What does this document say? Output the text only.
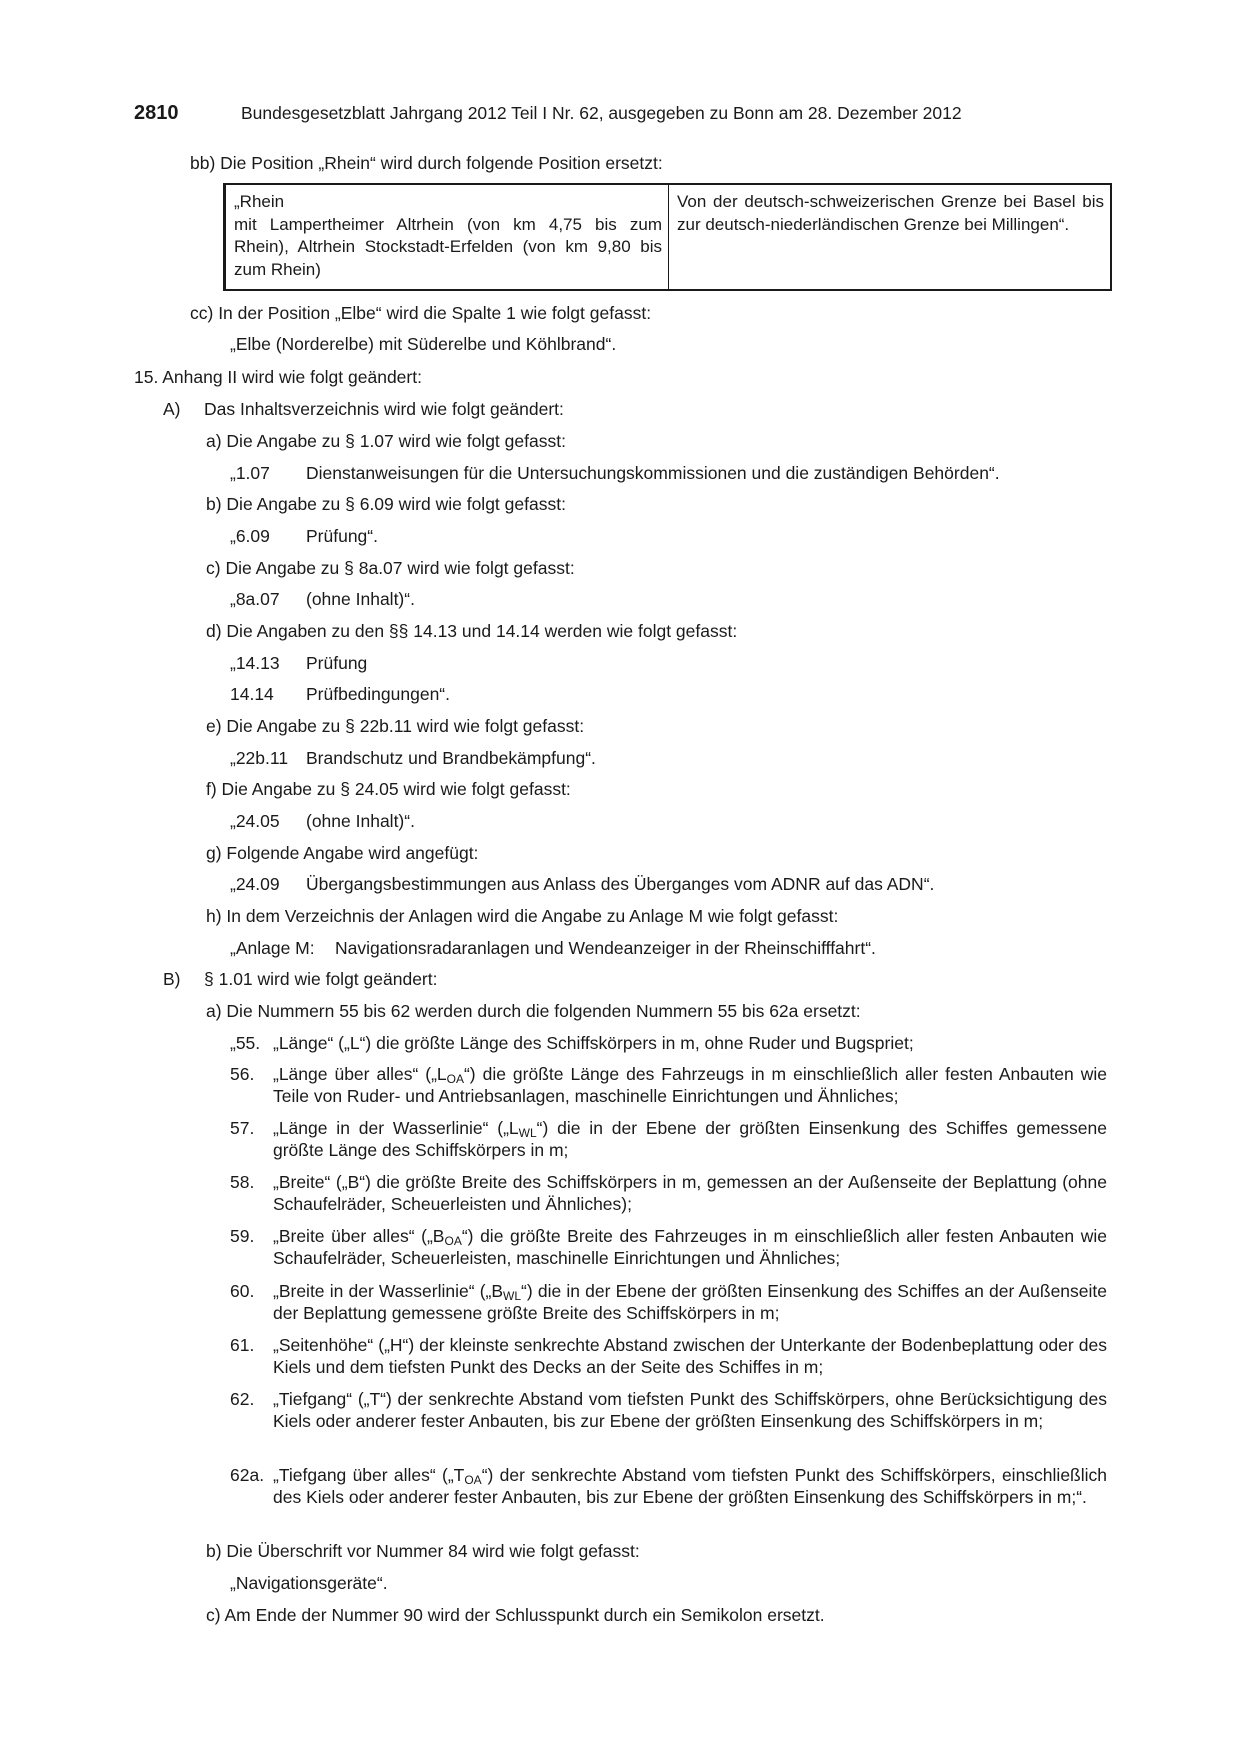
2810	Bundesgesetzblatt Jahrgang 2012 Teil I Nr. 62, ausgegeben zu Bonn am 28. Dezember 2012
bb) Die Position „Rhein“ wird durch folgende Position ersetzt:
„Rhein
mit Lampertheimer Altrhein (von km 4,75 bis zum Rhein), Altrhein Stockstadt-Erfelden (von km 9,80 bis zum Rhein)
	Von der deutsch-schweizerischen Grenze bei Basel bis zur deutsch-niederländischen Grenze bei Millingen“.
cc) In der Position „Elbe“ wird die Spalte 1 wie folgt gefasst:
„Elbe (Norderelbe) mit Süderelbe und Köhlbrand“.
15. Anhang II wird wie folgt geändert:
A) Das Inhaltsverzeichnis wird wie folgt geändert:
a) Die Angabe zu § 1.07 wird wie folgt gefasst:
„1.07 Dienstanweisungen für die Untersuchungskommissionen und die zuständigen Behörden“.
b) Die Angabe zu § 6.09 wird wie folgt gefasst:
„6.09 Prüfung“.
c) Die Angabe zu § 8a.07 wird wie folgt gefasst:
„8a.07 (ohne Inhalt)“.
d) Die Angaben zu den §§ 14.13 und 14.14 werden wie folgt gefasst:
„14.13 Prüfung
14.14 Prüfbedingungen“.
e) Die Angabe zu § 22b.11 wird wie folgt gefasst:
„22b.11 Brandschutz und Brandbekämpfung“.
f) Die Angabe zu § 24.05 wird wie folgt gefasst:
„24.05 (ohne Inhalt)“.
g) Folgende Angabe wird angefügt:
„24.09 Übergangsbestimmungen aus Anlass des Überganges vom ADNR auf das ADN“.
h) In dem Verzeichnis der Anlagen wird die Angabe zu Anlage M wie folgt gefasst:
„Anlage M: Navigationsradaranlagen und Wendeanzeiger in der Rheinschifffahrt“.
B) § 1.01 wird wie folgt geändert:
a) Die Nummern 55 bis 62 werden durch die folgenden Nummern 55 bis 62a ersetzt:
„55. „Länge“ („L“) die größte Länge des Schiffskörpers in m, ohne Ruder und Bugspriet;
56. „Länge über alles“ $(„L_{OA}“)$ die größte Länge des Fahrzeugs in m einschließlich aller festen Anbauten wie Teile von Ruder- und Antriebsanlagen, maschinelle Einrichtungen und Ähnliches;
57. „Länge in der Wasserlinie“ $(„L_{WL}“)$ die in der Ebene der größten Einsenkung des Schiffes gemessene größte Länge des Schiffskörpers in m;
58. „Breite“ („B“) die größte Breite des Schiffskörpers in m, gemessen an der Außenseite der Beplattung (ohne Schaufelräder, Scheuerleisten und Ähnliches);
59. „Breite über alles“ $(„B_{OA}“)$ die größte Breite des Fahrzeuges in m einschließlich aller festen Anbauten wie Schaufelräder, Scheuerleisten, maschinelle Einrichtungen und Ähnliches;
60. „Breite in der Wasserlinie“ $(„B_{WL}“)$ die in der Ebene der größten Einsenkung des Schiffes an der Außenseite der Beplattung gemessene größte Breite des Schiffskörpers in m;
61. „Seitenhöhe“ („H“) der kleinste senkrechte Abstand zwischen der Unterkante der Bodenbeplattung oder des Kiels und dem tiefsten Punkt des Decks an der Seite des Schiffes in m;
62. „Tiefgang“ („T“) der senkrechte Abstand vom tiefsten Punkt des Schiffskörpers, ohne Berücksichtigung des Kiels oder anderer fester Anbauten, bis zur Ebene der größten Einsenkung des Schiffskörpers in m;
62a. „Tiefgang über alles“ $(„T_{OA}“)$ der senkrechte Abstand vom tiefsten Punkt des Schiffskörpers, einschließlich des Kiels oder anderer fester Anbauten, bis zur Ebene der größten Einsenkung des Schiffskörpers in m;“.
b) Die Überschrift vor Nummer 84 wird wie folgt gefasst:
„Navigationsgeräte“.
c) Am Ende der Nummer 90 wird der Schlusspunkt durch ein Semikolon ersetzt.
